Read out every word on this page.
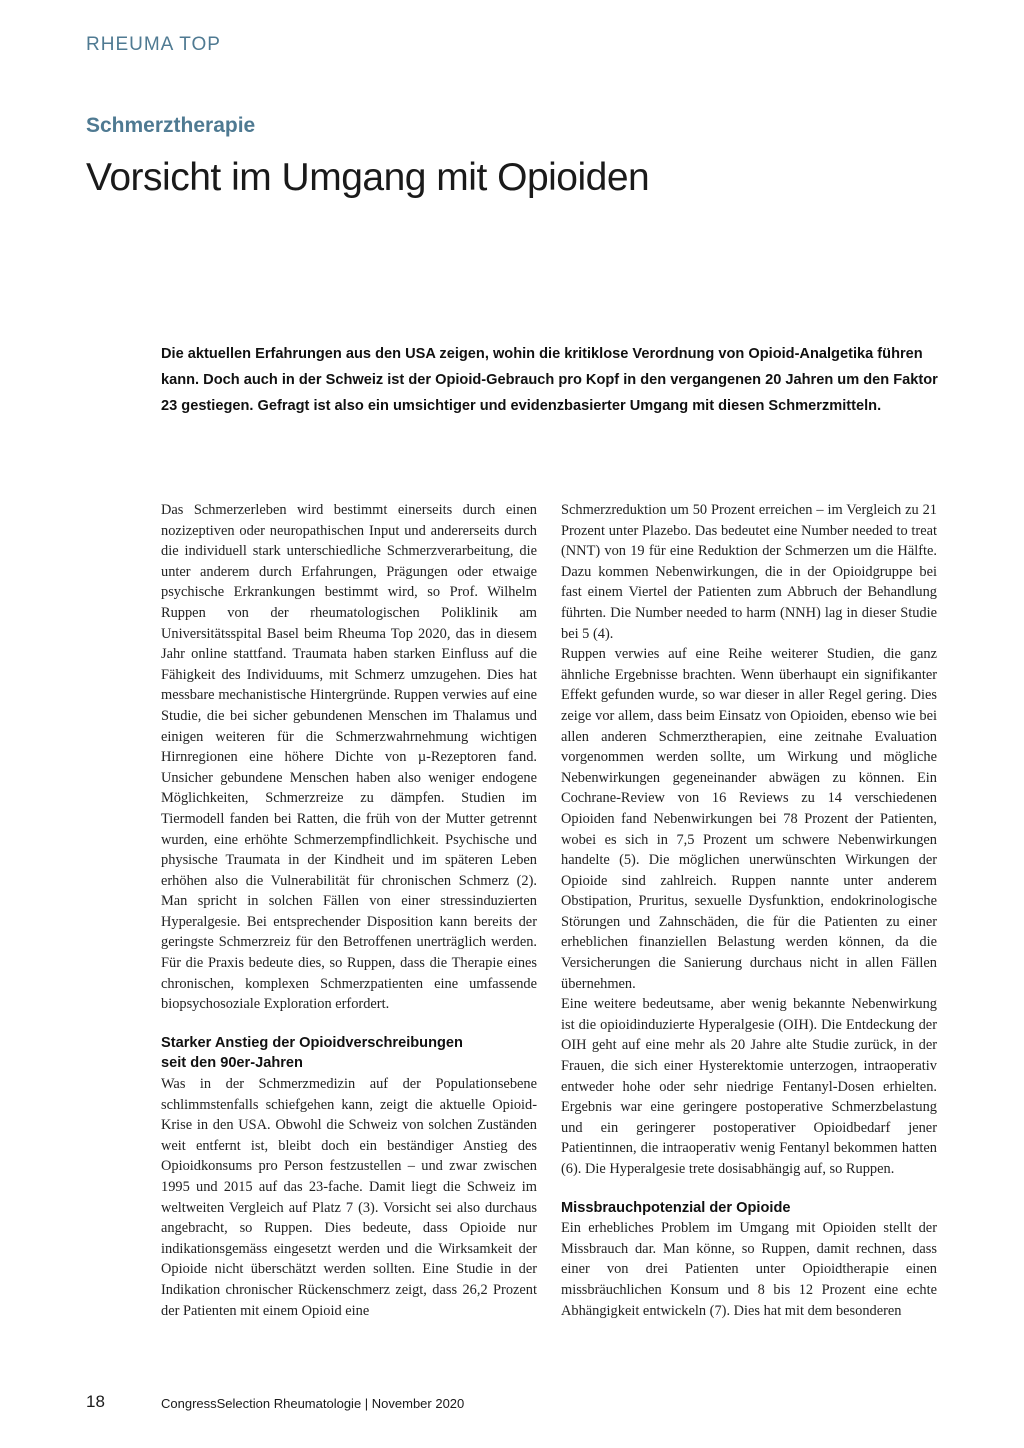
RHEUMA TOP
Schmerztherapie
Vorsicht im Umgang mit Opioiden

Die aktuellen Erfahrungen aus den USA zeigen, wohin die kritiklose Verordnung von Opioid-Analgetika führen kann. Doch auch in der Schweiz ist der Opioid-Gebrauch pro Kopf in den vergangenen 20 Jahren um den Faktor 23 gestiegen. Gefragt ist also ein umsichtiger und evidenzbasierter Umgang mit diesen Schmerzmitteln.

Das Schmerzerleben wird bestimmt einerseits durch einen nozizeptiven oder neuropathischen Input und andererseits durch die individuell stark unterschiedliche Schmerzverarbeitung, die unter anderem durch Erfahrungen, Prägungen oder etwaige psychische Erkrankungen bestimmt wird, so Prof. Wilhelm Ruppen von der rheumatologischen Poliklinik am Universitätsspital Basel beim Rheuma Top 2020, das in diesem Jahr online stattfand. Traumata haben starken Einfluss auf die Fähigkeit des Individuums, mit Schmerz umzugehen. Dies hat messbare mechanistische Hintergründe. Ruppen verwies auf eine Studie, die bei sicher gebundenen Menschen im Thalamus und einigen weiteren für die Schmerzwahrnehmung wichtigen Hirnregionen eine höhere Dichte von µ-Rezeptoren fand. Unsicher gebundene Menschen haben also weniger endogene Möglichkeiten, Schmerzreize zu dämpfen. Studien im Tiermodell fanden bei Ratten, die früh von der Mutter getrennt wurden, eine erhöhte Schmerzempfindlichkeit. Psychische und physische Traumata in der Kindheit und im späteren Leben erhöhen also die Vulnerabilität für chronischen Schmerz (2). Man spricht in solchen Fällen von einer stressinduzierten Hyperalgesie. Bei entsprechender Disposition kann bereits der geringste Schmerzreiz für den Betroffenen unerträglich werden. Für die Praxis bedeute dies, so Ruppen, dass die Therapie eines chronischen, komplexen Schmerzpatienten eine umfassende biopsychosoziale Exploration erfordert.

Starker Anstieg der Opioidverschreibungen
seit den 90er-Jahren

Was in der Schmerzmedizin auf der Populationsebene schlimmstenfalls schiefgehen kann, zeigt die aktuelle Opioid-Krise in den USA. Obwohl die Schweiz von solchen Zuständen weit entfernt ist, bleibt doch ein beständiger Anstieg des Opioidkonsums pro Person festzustellen – und zwar zwischen 1995 und 2015 auf das 23-fache. Damit liegt die Schweiz im weltweiten Vergleich auf Platz 7 (3). Vorsicht sei also durchaus angebracht, so Ruppen. Dies bedeute, dass Opioide nur indikationsgemäss eingesetzt werden und die Wirksamkeit der Opioide nicht überschätzt werden sollten. Eine Studie in der Indikation chronischer Rückenschmerz zeigt, dass 26,2 Prozent der Patienten mit einem Opioid eine

Schmerzreduktion um 50 Prozent erreichen – im Vergleich zu 21 Prozent unter Plazebo. Das bedeutet eine Number needed to treat (NNT) von 19 für eine Reduktion der Schmerzen um die Hälfte. Dazu kommen Nebenwirkungen, die in der Opioidgruppe bei fast einem Viertel der Patienten zum Abbruch der Behandlung führten. Die Number needed to harm (NNH) lag in dieser Studie bei 5 (4).

Ruppen verwies auf eine Reihe weiterer Studien, die ganz ähnliche Ergebnisse brachten. Wenn überhaupt ein signifikanter Effekt gefunden wurde, so war dieser in aller Regel gering. Dies zeige vor allem, dass beim Einsatz von Opioiden, ebenso wie bei allen anderen Schmerztherapien, eine zeitnahe Evaluation vorgenommen werden sollte, um Wirkung und mögliche Nebenwirkungen gegeneinander abwägen zu können. Ein Cochrane-Review von 16 Reviews zu 14 verschiedenen Opioiden fand Nebenwirkungen bei 78 Prozent der Patienten, wobei es sich in 7,5 Prozent um schwere Nebenwirkungen handelte (5). Die möglichen unerwünschten Wirkungen der Opioide sind zahlreich. Ruppen nannte unter anderem Obstipation, Pruritus, sexuelle Dysfunktion, endokrinologische Störungen und Zahnschäden, die für die Patienten zu einer erheblichen finanziellen Belastung werden können, da die Versicherungen die Sanierung durchaus nicht in allen Fällen übernehmen.

Eine weitere bedeutsame, aber wenig bekannte Nebenwirkung ist die opioidinduzierte Hyperalgesie (OIH). Die Entdeckung der OIH geht auf eine mehr als 20 Jahre alte Studie zurück, in der Frauen, die sich einer Hysterektomie unterzogen, intraoperativ entweder hohe oder sehr niedrige Fentanyl-Dosen erhielten. Ergebnis war eine geringere postoperative Schmerzbelastung und ein geringerer postoperativer Opioidbedarf jener Patientinnen, die intraoperativ wenig Fentanyl bekommen hatten (6). Die Hyperalgesie trete dosisabhängig auf, so Ruppen.

Missbrauchpotenzial der Opioide

Ein erhebliches Problem im Umgang mit Opioiden stellt der Missbrauch dar. Man könne, so Ruppen, damit rechnen, dass einer von drei Patienten unter Opioidtherapie einen missbräuchlichen Konsum und 8 bis 12 Prozent eine echte Abhängigkeit entwickeln (7). Dies hat mit dem besonderen

18	CongressSelection Rheumatologie | November 2020
